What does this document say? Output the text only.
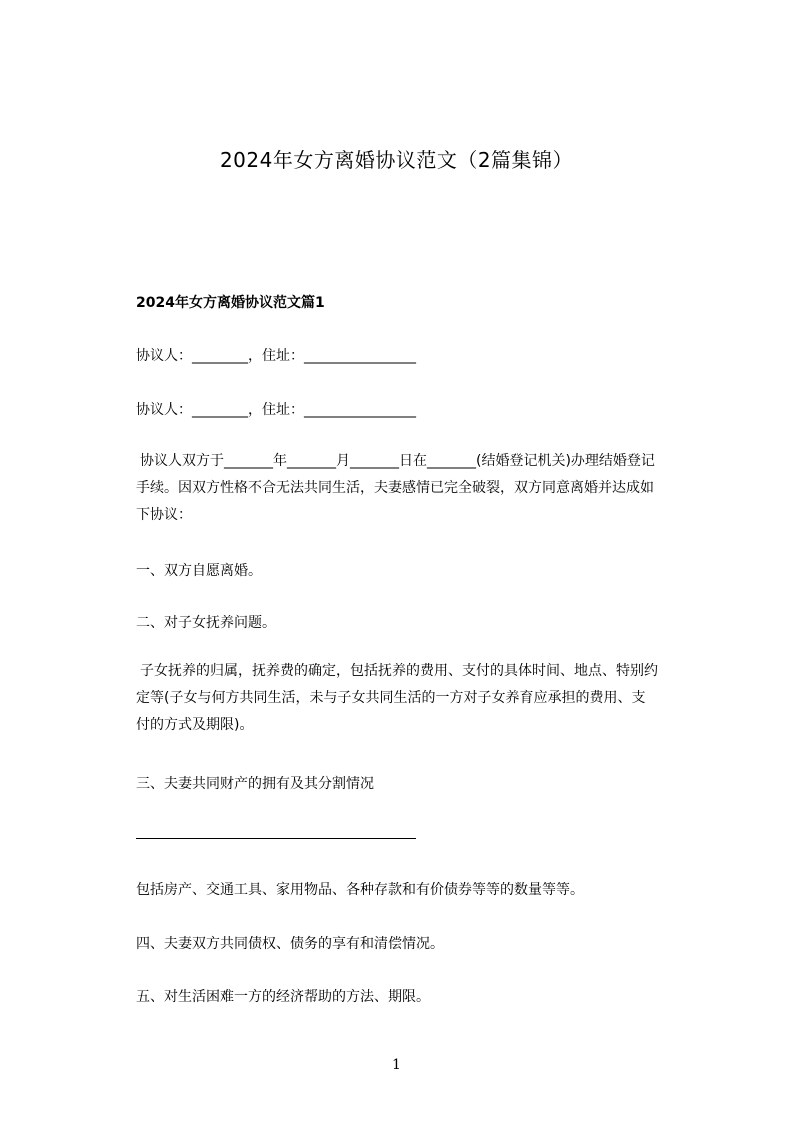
2024年女方离婚协议范文（2篇集锦）
2024年女方离婚协议范文篇1
协议人：________，住址：________________
协议人：________，住址：________________
协议人双方于_______年_______月_______日在_______(结婚登记机关)办理结婚登记手续。因双方性格不合无法共同生活，夫妻感情已完全破裂，双方同意离婚并达成如下协议：
一、双方自愿离婚。
二、对子女抚养问题。
子女抚养的归属，抚养费的确定，包括抚养的费用、支付的具体时间、地点、特别约定等(子女与何方共同生活，未与子女共同生活的一方对子女养育应承担的费用、支付的方式及期限)。
三、夫妻共同财产的拥有及其分割情况
包括房产、交通工具、家用物品、各种存款和有价债券等等的数量等等。
四、夫妻双方共同债权、债务的享有和清偿情况。
五、对生活困难一方的经济帮助的方法、期限。
1
